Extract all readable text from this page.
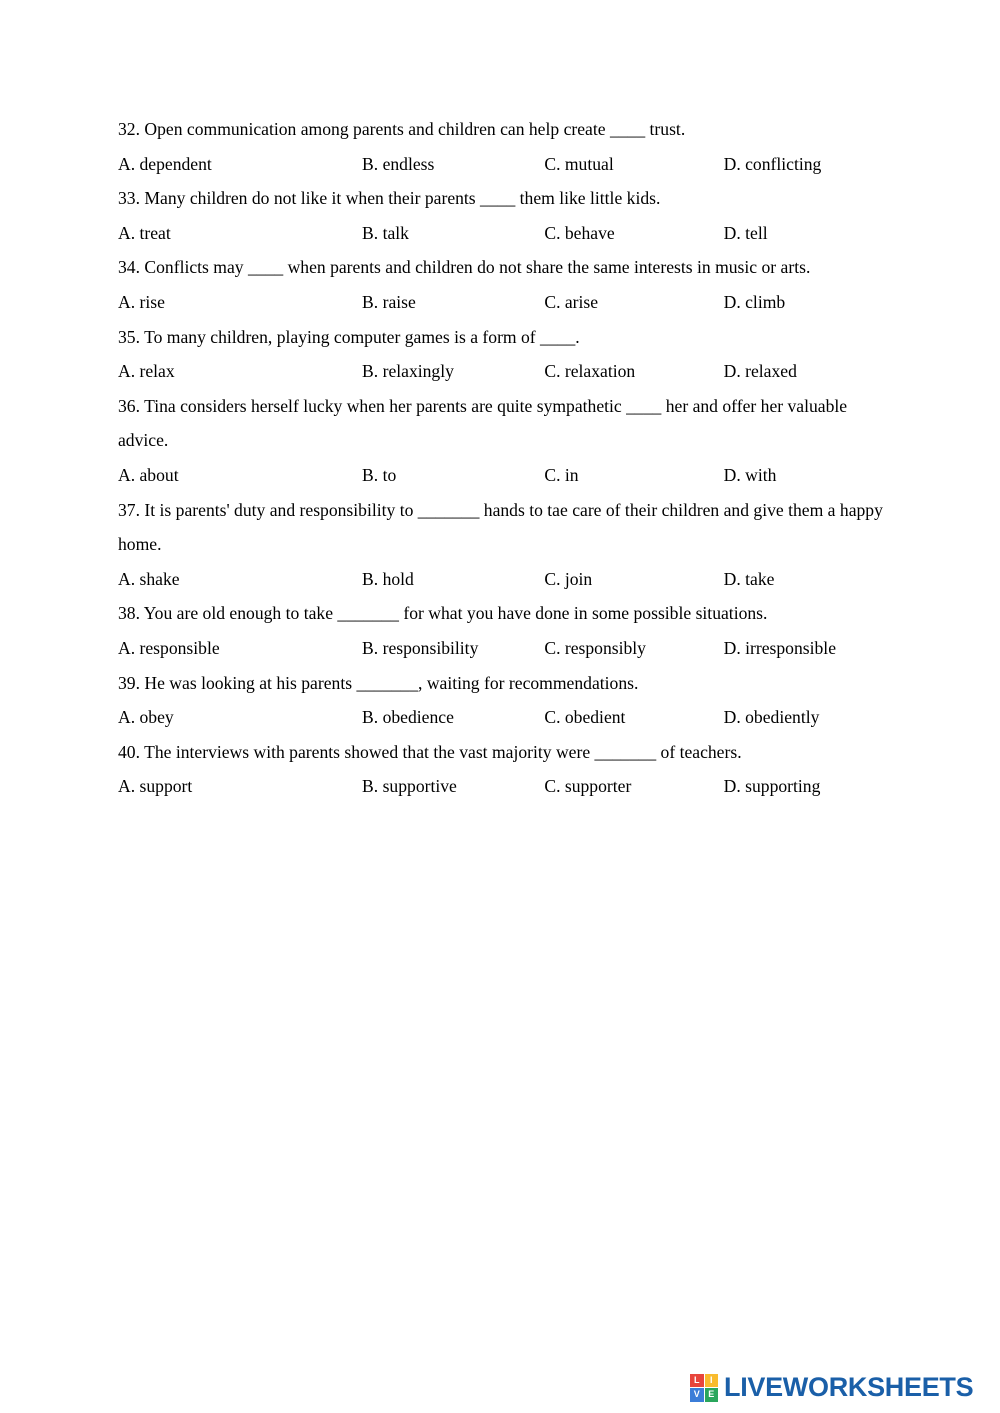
32. Open communication among parents and children can help create ____ trust.
A. dependent	B. endless	C. mutual	D. conflicting
33. Many children do not like it when their parents ____ them like little kids.
A. treat	B. talk	C. behave	D. tell
34. Conflicts may ____ when parents and children do not share the same interests in music or arts.
A. rise	B. raise	C. arise	D. climb
35. To many children, playing computer games is a form of ____.
A. relax	B. relaxingly	C. relaxation	D. relaxed
36. Tina considers herself lucky when her parents are quite sympathetic ____ her and offer her valuable advice.
A. about	B. to	C. in	D. with
37. It is parents' duty and responsibility to _______ hands to tae care of their children and give them a happy home.
A. shake	B. hold	C. join	D. take
38. You are old enough to take _______ for what you have done in some possible situations.
A. responsible	B. responsibility	C. responsibly	D. irresponsible
39. He was looking at his parents _______, waiting for recommendations.
A. obey	B. obedience	C. obedient	D. obediently
40. The interviews with parents showed that the vast majority were _______ of teachers.
A. support	B. supportive	C. supporter	D. supporting
L	I
V E LIVEWORKSHEETS
